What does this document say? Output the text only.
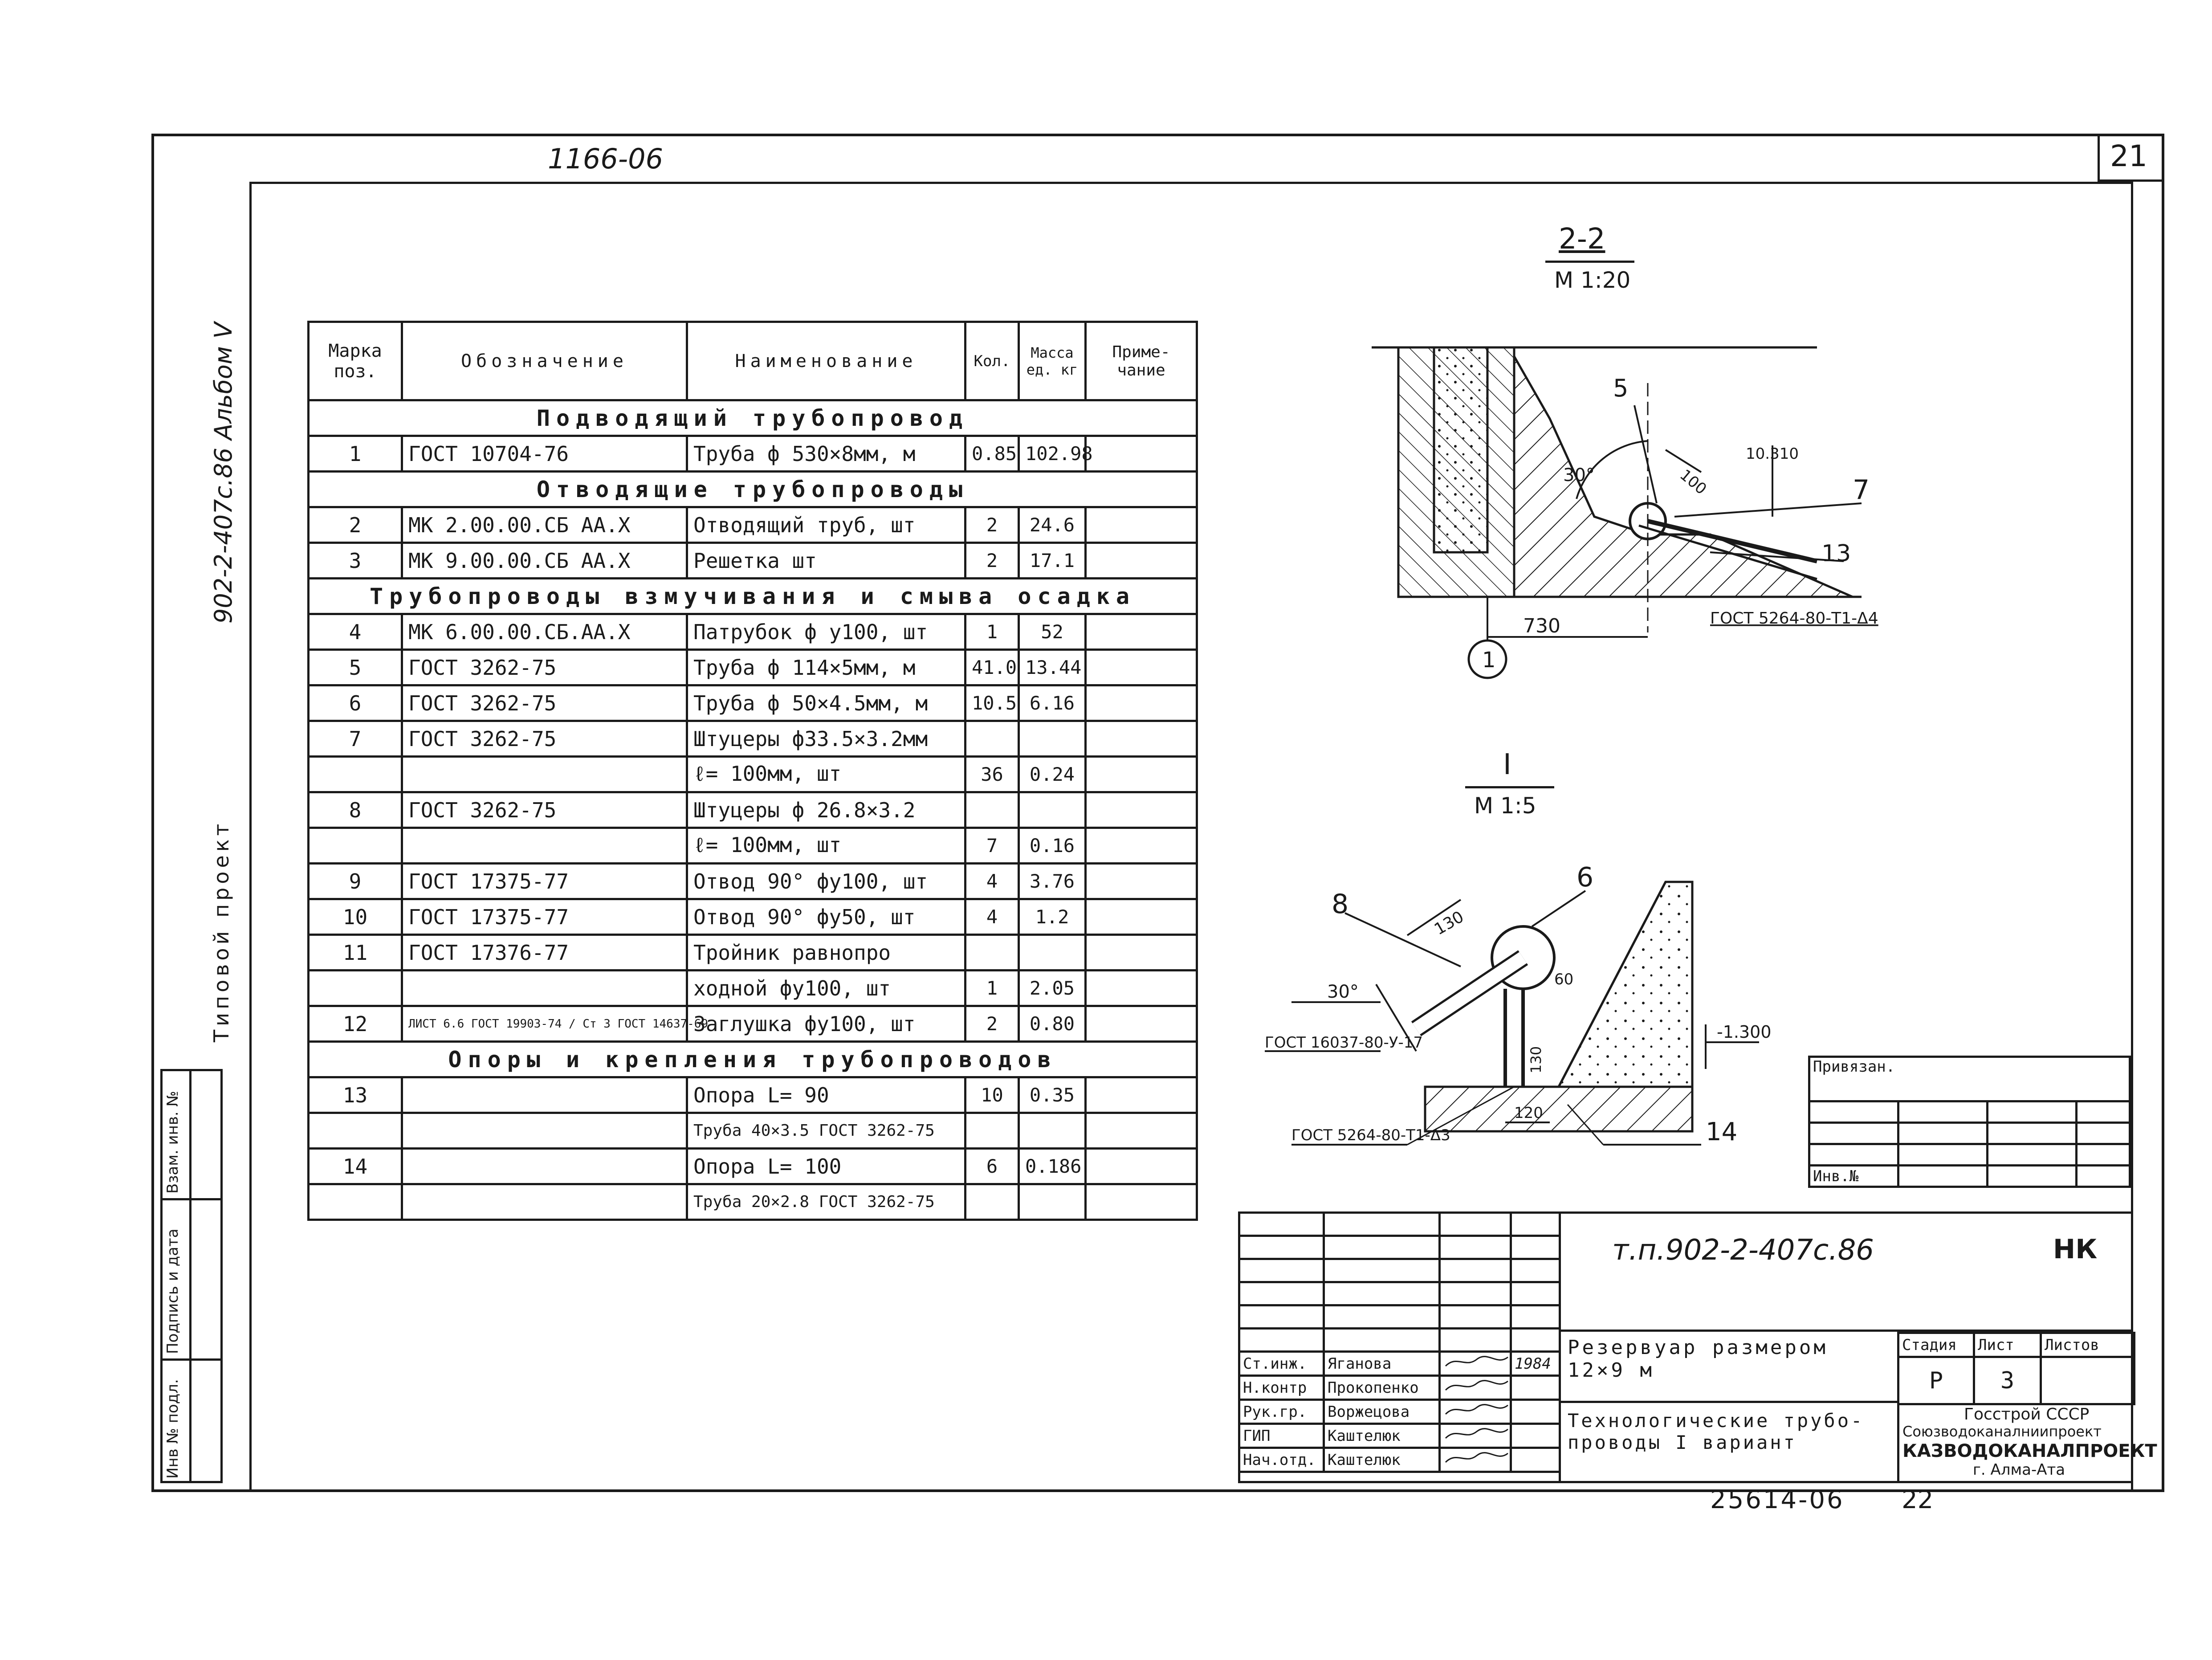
21
1166-06
902-2-407с.86 Альбом V
Типовой проект
Инв № подл.
Подпись и дата
Взам. инв. №
Марка поз.	Обозначение	Наименование	Кол.	Масса ед. кг	Приме-чание
Подводящий трубопровод					
1	ГОСТ 10704-76	Труба ф 530×8мм, м	0.85	102.98	
Отводящие трубопроводы					
2	МК 2.00.00.СБ АА.Х	Отводящий труб, шт	2	24.6	
3	МК 9.00.00.СБ АА.Х	Решетка шт	2	17.1	
Трубопроводы взмучивания и смыва осадка					
4	МК 6.00.00.СБ.АА.Х	Патрубок ф у100, шт	1	52	
5	ГОСТ 3262-75	Труба ф 114×5мм, м	41.0	13.44	
6	ГОСТ 3262-75	Труба ф 50×4.5мм, м	10.5	6.16	
7	ГОСТ 3262-75	Штуцеры ф33.5×3.2мм			
		ℓ= 100мм, шт	36	0.24	
8	ГОСТ 3262-75	Штуцеры ф 26.8×3.2			
		ℓ= 100мм, шт	7	0.16	
9	ГОСТ 17375-77	Отвод 90° фу100, шт	4	3.76	
10	ГОСТ 17375-77	Отвод 90° фу50, шт	4	1.2	
11	ГОСТ 17376-77	Тройник равнопро			
		ходной фу100, шт	1	2.05	
12	ЛИСТ 6.6 ГОСТ 19903-74 / Ст 3 ГОСТ 14637-69	Заглушка фу100, шт	2	0.80	
Опоры и крепления трубопроводов					
13		Опора L= 90	10	0.35	
		Труба 40×3.5 ГОСТ 3262-75			
14		Опора L= 100	6	0.186	
		Труба 20×2.8 ГОСТ 3262-75			
2-2
М 1:20
1
5
7
13
30°	100
10.310
730	ГОСТ 5264-80-Т1-Δ4
I
М 1:5
8
6
14
130
30°
60
130
120
-1.300
ГОСТ 16037-80-У-17
ГОСТ 5264-80-Т1-Δ3
Привязан.			

Инв.№			

Ст.инж.	Яганова		1984
Н.контр	Прокопенко		
Рук.гр.	Воржецова		
ГИП	Каштелюк		
Нач.отд.	Каштелюк		
т.п.902-2-407с.86	НК
Резервуар размером 12×9 м
Технологические трубо-проводы I вариант
Стадия	Лист	Листов
Р	3	
Госстрой СССР
Союзводоканалниипроект
КАЗВОДОКАНАЛПРОЕКТ
г. Алма-Ата
25614-06 22
